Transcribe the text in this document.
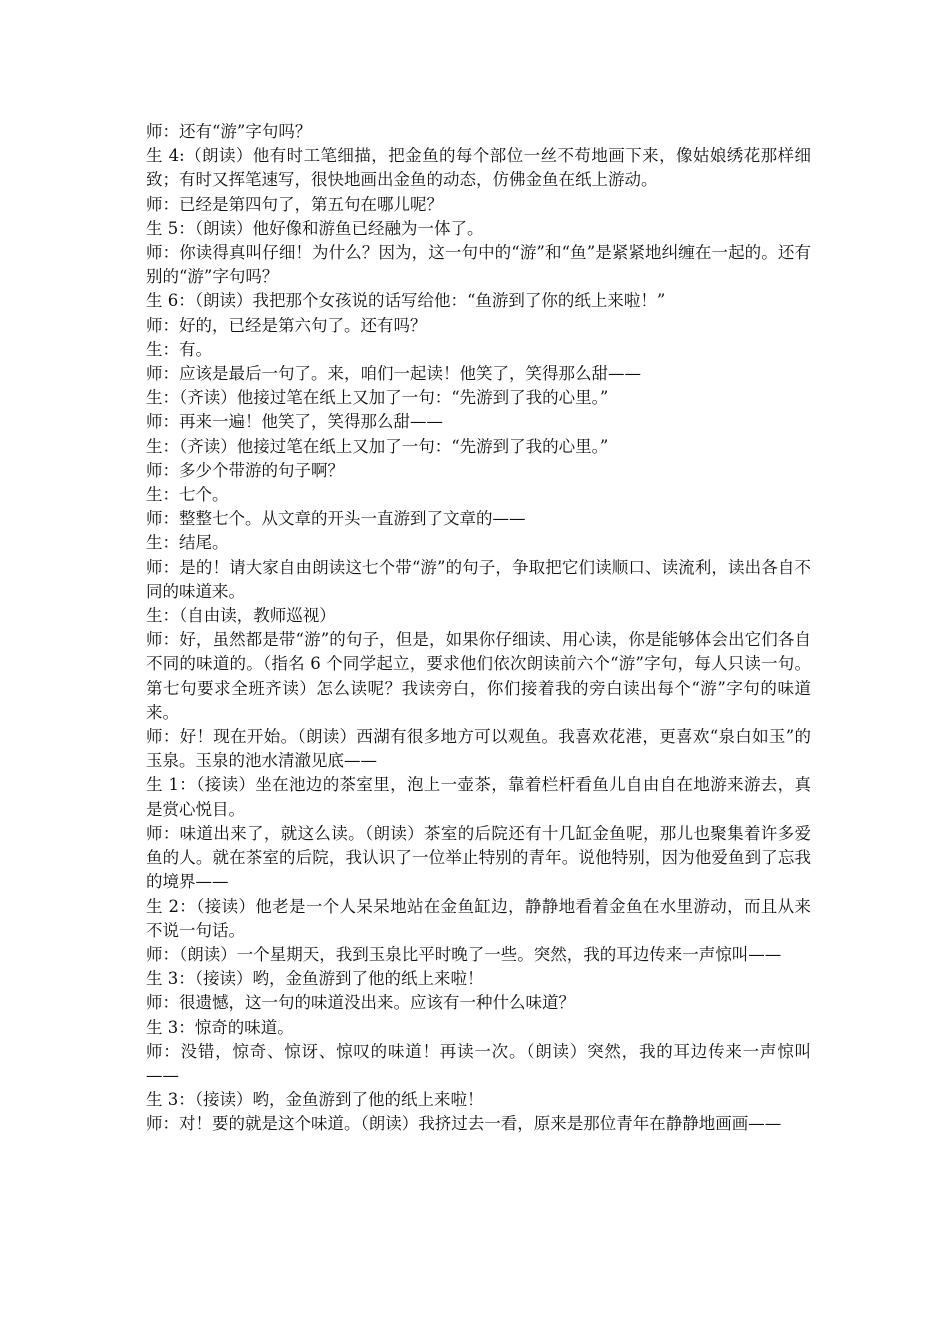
师：还有“游”字句吗？

生 4:（朗读）他有时工笔细描，把金鱼的每个部位一丝不苟地画下来，像姑娘绣花那样细致；有时又挥笔速写，很快地画出金鱼的动态，仿佛金鱼在纸上游动。

师：已经是第四句了，第五句在哪儿呢？

生 5：（朗读）他好像和游鱼已经融为一体了。

师：你读得真叫仔细！为什么？因为，这一句中的“游”和“鱼”是紧紧地纠缠在一起的。还有别的“游”字句吗？

生 6：（朗读）我把那个女孩说的话写给他：“鱼游到了你的纸上来啦！”

师：好的，已经是第六句了。还有吗？

生：有。

师：应该是最后一句了。来，咱们一起读！他笑了，笑得那么甜——

生：（齐读）他接过笔在纸上又加了一句：“先游到了我的心里。”

师：再来一遍！他笑了，笑得那么甜——

生：（齐读）他接过笔在纸上又加了一句：“先游到了我的心里。”

师：多少个带游的句子啊？

生：七个。

师：整整七个。从文章的开头一直游到了文章的——

生：结尾。

师：是的！请大家自由朗读这七个带“游”的句子，争取把它们读顺口、读流利，读出各自不同的味道来。

生：（自由读，教师巡视）

师：好，虽然都是带“游”的句子，但是，如果你仔细读、用心读，你是能够体会出它们各自不同的味道的。（指名 6 个同学起立，要求他们依次朗读前六个“游”字句，每人只读一句。第七句要求全班齐读）怎么读呢？我读旁白，你们接着我的旁白读出每个“游”字句的味道来。

师：好！现在开始。（朗读）西湖有很多地方可以观鱼。我喜欢花港，更喜欢“泉白如玉”的玉泉。玉泉的池水清澈见底——

生 1：（接读）坐在池边的茶室里，泡上一壶茶，靠着栏杆看鱼儿自由自在地游来游去，真是赏心悦目。

师：味道出来了，就这么读。（朗读）茶室的后院还有十几缸金鱼呢，那儿也聚集着许多爱鱼的人。就在茶室的后院，我认识了一位举止特别的青年。说他特别，因为他爱鱼到了忘我的境界——

生 2：（接读）他老是一个人呆呆地站在金鱼缸边，静静地看着金鱼在水里游动，而且从来不说一句话。

师：（朗读）一个星期天，我到玉泉比平时晚了一些。突然，我的耳边传来一声惊叫——

生 3：（接读）哟，金鱼游到了他的纸上来啦！

师：很遗憾，这一句的味道没出来。应该有一种什么味道？

生 3：惊奇的味道。

师：没错，惊奇、惊讶、惊叹的味道！再读一次。（朗读）突然，我的耳边传来一声惊叫——

生 3：（接读）哟，金鱼游到了他的纸上来啦！

师：对！要的就是这个味道。（朗读）我挤过去一看，原来是那位青年在静静地画画——
